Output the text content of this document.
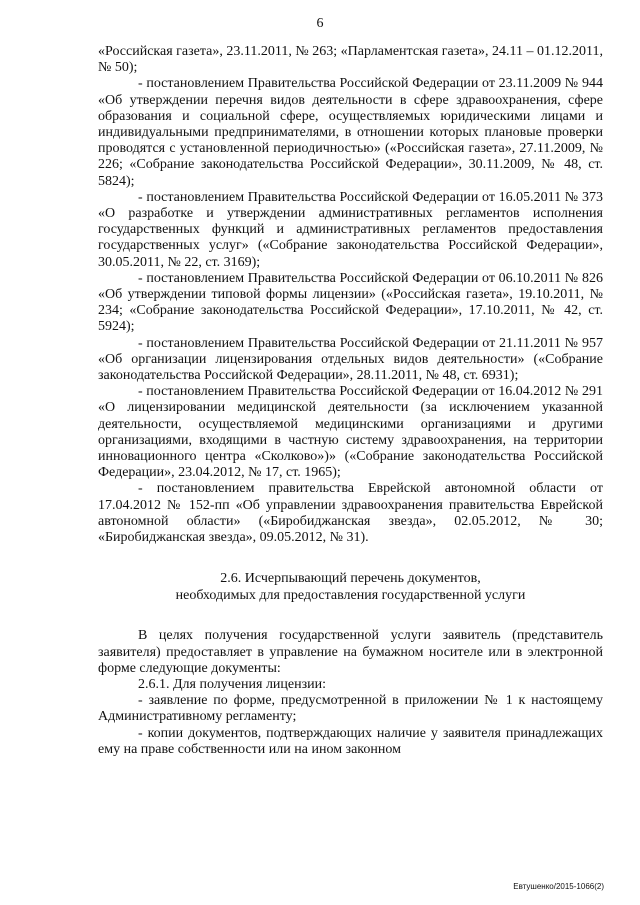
6

«Российская газета», 23.11.2011, № 263; «Парламентская газета», 24.11 – 01.12.2011, № 50);

- постановлением Правительства Российской Федерации от 23.11.2009 № 944 «Об утверждении перечня видов деятельности в сфере здравоохранения, сфере образования и социальной сфере, осуществляемых юридическими лицами и индивидуальными предпринимателями, в отношении которых плановые проверки проводятся с установленной периодичностью» («Российская газета», 27.11.2009, № 226; «Собрание законодательства Российской Федерации», 30.11.2009, № 48, ст. 5824);

- постановлением Правительства Российской Федерации от 16.05.2011 № 373 «О разработке и утверждении административных регламентов исполнения государственных функций и административных регламентов предоставления государственных услуг» («Собрание законодательства Российской Федерации», 30.05.2011, № 22, ст. 3169);

- постановлением Правительства Российской Федерации от 06.10.2011 № 826 «Об утверждении типовой формы лицензии» («Российская газета», 19.10.2011, № 234; «Собрание законодательства Российской Федерации», 17.10.2011, № 42, ст. 5924);

- постановлением Правительства Российской Федерации от 21.11.2011 № 957 «Об организации лицензирования отдельных видов деятельности» («Собрание законодательства Российской Федерации», 28.11.2011, № 48, ст. 6931);

- постановлением Правительства Российской Федерации от 16.04.2012 № 291 «О лицензировании медицинской деятельности (за исключением указанной деятельности, осуществляемой медицинскими организациями и другими организациями, входящими в частную систему здравоохранения, на территории инновационного центра «Сколково»)» («Собрание законодательства Российской Федерации», 23.04.2012, № 17, ст. 1965);

- постановлением правительства Еврейской автономной области от 17.04.2012 № 152-пп «Об управлении здравоохранения правительства Еврейской автономной области» («Биробиджанская звезда», 02.05.2012, № 30; «Биробиджанская звезда», 09.05.2012, № 31).

2.6. Исчерпывающий перечень документов,

необходимых для предоставления государственной услуги

В целях получения государственной услуги заявитель (представитель заявителя) предоставляет в управление на бумажном носителе или в электронной форме следующие документы:

2.6.1. Для получения лицензии:

- заявление по форме, предусмотренной в приложении № 1 к настоящему Административному регламенту;

- копии документов, подтверждающих наличие у заявителя принадлежащих ему на праве собственности или на ином законном

Евтушенко/2015-1066(2)
